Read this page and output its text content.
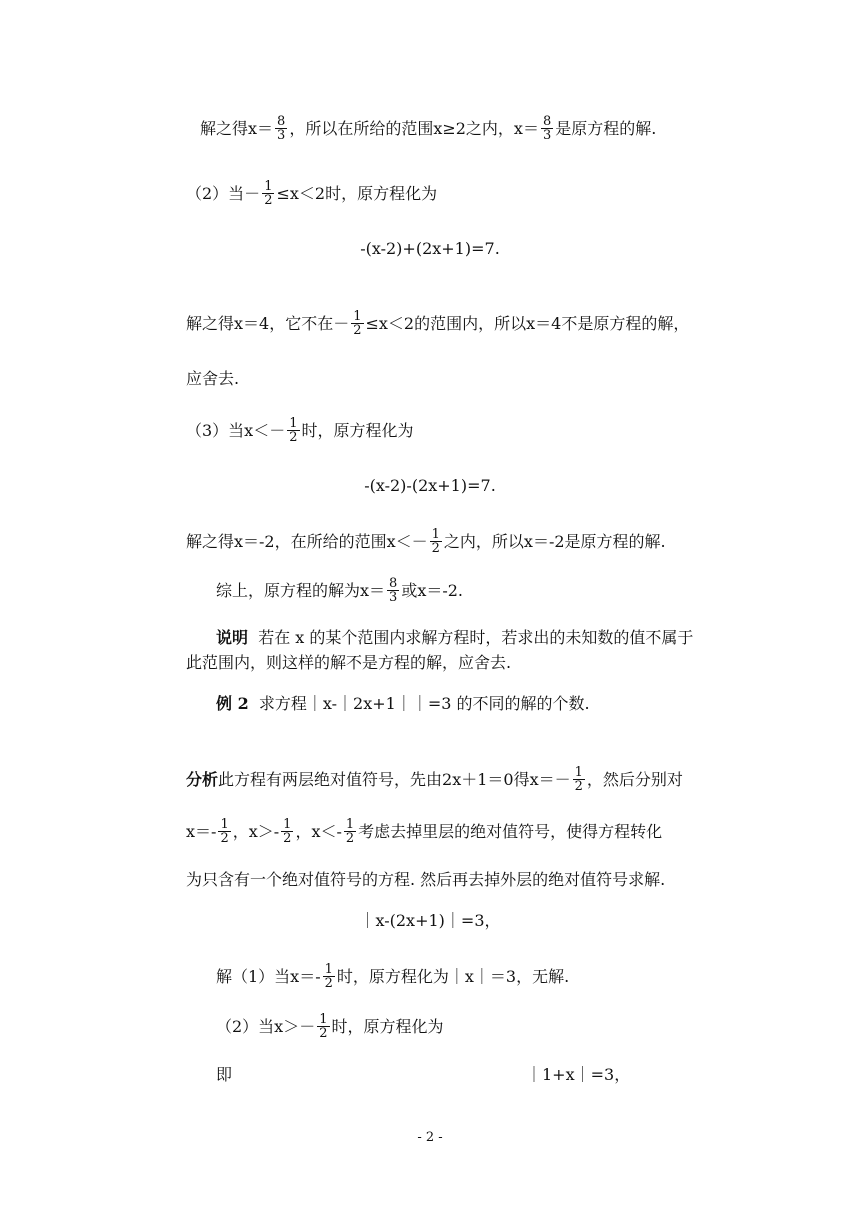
解之得$x= \frac{8}{3}$ ，所以在所给的范围x≥2之内，$x= \frac{8}{3}$ 是原方程的解.
（2）当－ $\frac{1}{2} \le x<2$时，原方程化为
-(x-2)+(2x+1)=7.
解之得x＝4，它不在－ $\frac{1}{2} \le x<2$的范围内，所以x＝4不是原方程的解，
应舍去.
（3）当$x<- \frac{1}{2}$ 时，原方程化为
-(x-2)-(2x+1)=7.
解之得x＝-2，在所给的范围$x<- \frac{1}{2}$ 之内，所以x＝-2是原方程的解.
综上，原方程的解为$x= \frac{8}{3}$ 或x＝-2.
说明 若在 x 的某个范围内求解方程时，若求出的未知数的值不属于
此范围内，则这样的解不是方程的解，应舍去.
例 2 求方程｜x-｜2x+1｜｜=3 的不同的解的个数.
分析 此方程有两层绝对值符号，先由2x＋1＝0得$x=- \frac{1}{2}$ ，然后分别对
$x=- \frac{1}{2}$ ，$x>- \frac{1}{2}$ ，$x<- \frac{1}{2}$ 考虑去掉里层的绝对值符号，使得方程转化
为只含有一个绝对值符号的方程. 然后再去掉外层的绝对值符号求解.
｜x-(2x+1)｜=3，
解（1）当$x=- \frac{1}{2}$ 时，原方程化为｜x｜＝3，无解.
（2）当$x>- \frac{1}{2}$ 时，原方程化为
即	｜1+x｜=3，
- 2 -
